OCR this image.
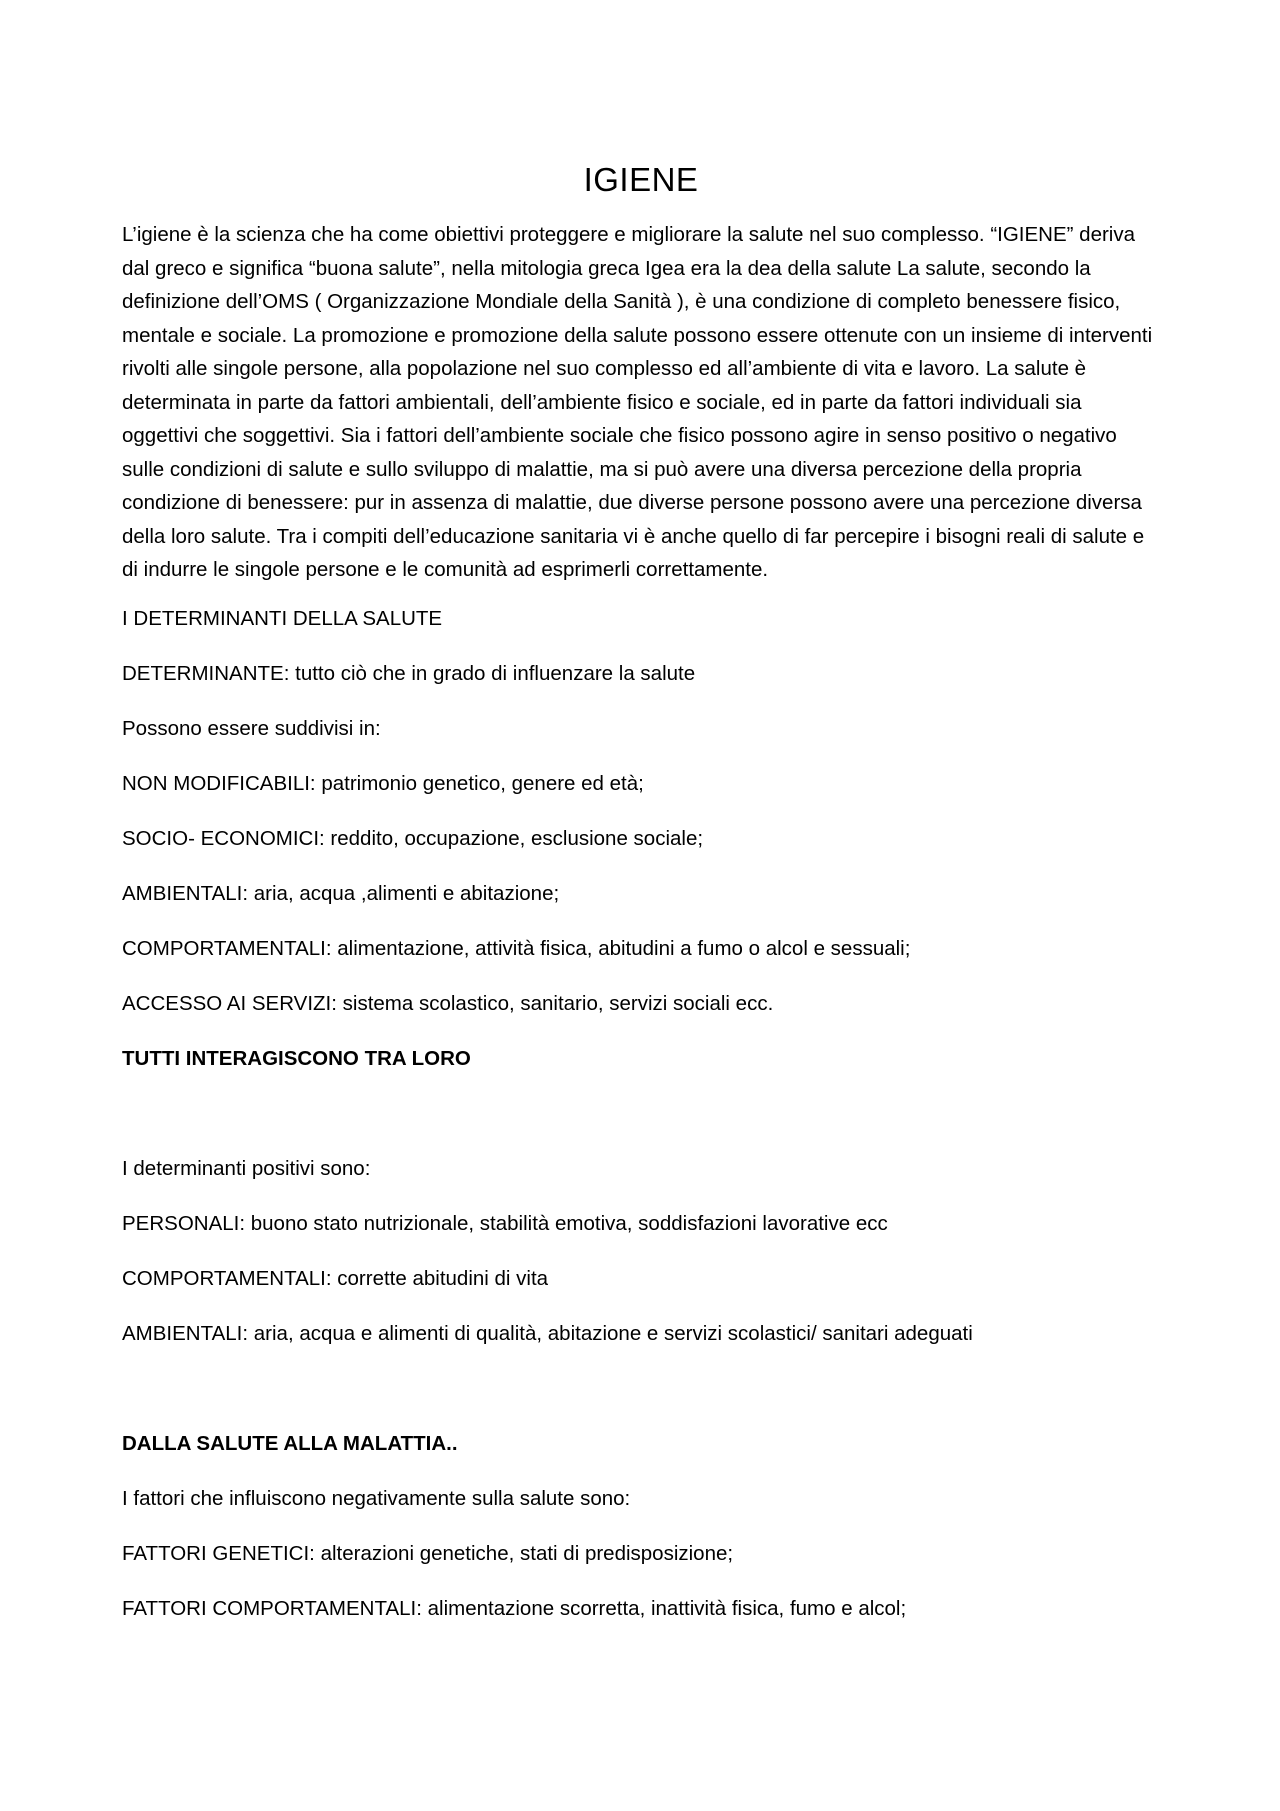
IGIENE

L’igiene è la scienza che ha come obiettivi proteggere e migliorare la salute nel suo complesso. “IGIENE” deriva dal greco e significa “buona salute”, nella mitologia greca Igea era la dea della salute La salute, secondo la definizione dell’OMS ( Organizzazione Mondiale della Sanità ), è una condizione di completo benessere fisico, mentale e sociale. La promozione e promozione della salute possono essere ottenute con un insieme di interventi rivolti alle singole persone, alla popolazione nel suo complesso ed all’ambiente di vita e lavoro. La salute è determinata in parte da fattori ambientali, dell’ambiente fisico e sociale, ed in parte da fattori individuali sia oggettivi che soggettivi. Sia i fattori dell’ambiente sociale che fisico possono agire in senso positivo o negativo sulle condizioni di salute e sullo sviluppo di malattie, ma si può avere una diversa percezione della propria condizione di benessere: pur in assenza di malattie, due diverse persone possono avere una percezione diversa della loro salute. Tra i compiti dell’educazione sanitaria vi è anche quello di far percepire i bisogni reali di salute e di indurre le singole persone e le comunità ad esprimerli correttamente.

I DETERMINANTI DELLA SALUTE

DETERMINANTE: tutto ciò che in grado di influenzare la salute

Possono essere suddivisi in:

NON MODIFICABILI: patrimonio genetico, genere ed età;

SOCIO- ECONOMICI: reddito, occupazione, esclusione sociale;

AMBIENTALI: aria, acqua ,alimenti e abitazione;

COMPORTAMENTALI: alimentazione, attività fisica, abitudini a fumo o alcol e sessuali;

ACCESSO AI SERVIZI: sistema scolastico, sanitario, servizi sociali ecc.

TUTTI INTERAGISCONO TRA LORO

I determinanti positivi sono:

PERSONALI: buono stato nutrizionale, stabilità emotiva, soddisfazioni lavorative ecc

COMPORTAMENTALI: corrette abitudini di vita

AMBIENTALI: aria, acqua e alimenti di qualità, abitazione e servizi scolastici/ sanitari adeguati

DALLA SALUTE ALLA MALATTIA..

I fattori che influiscono negativamente sulla salute sono:

FATTORI GENETICI: alterazioni genetiche, stati di predisposizione;

FATTORI COMPORTAMENTALI: alimentazione scorretta, inattività fisica, fumo e alcol;
